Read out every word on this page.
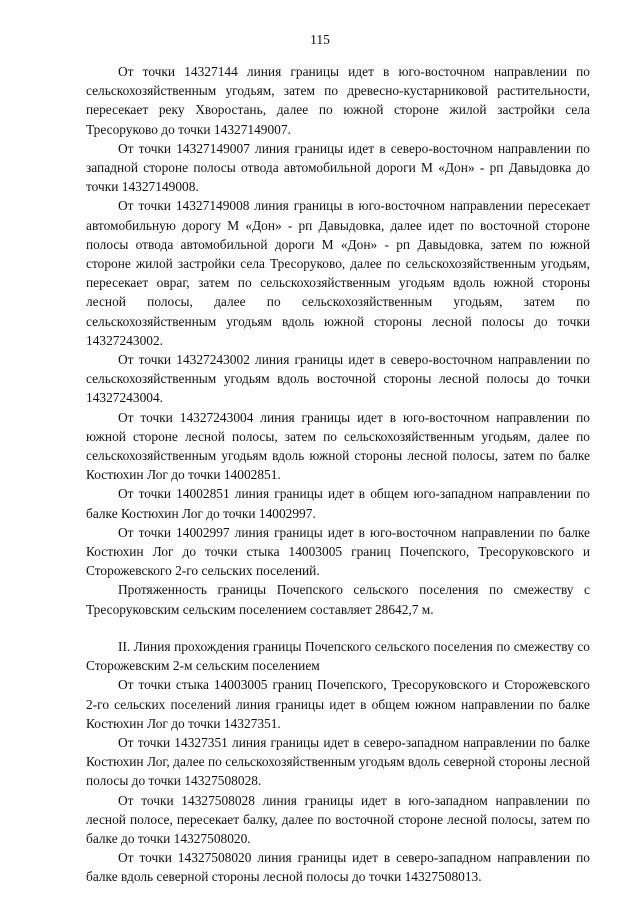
115

От точки 14327144 линия границы идет в юго-восточном направлении по сельскохозяйственным угодьям, затем по древесно-кустарниковой растительности, пересекает реку Хворостань, далее по южной стороне жилой застройки села Тресоруково до точки 14327149007.

От точки 14327149007 линия границы идет в северо-восточном направлении по западной стороне полосы отвода автомобильной дороги М «Дон» - рп Давыдовка до точки 14327149008.

От точки 14327149008 линия границы в юго-восточном направлении пересекает автомобильную дорогу М «Дон» - рп Давыдовка, далее идет по восточной стороне полосы отвода автомобильной дороги М «Дон» - рп Давыдовка, затем по южной стороне жилой застройки села Тресоруково, далее по сельскохозяйственным угодьям, пересекает овраг, затем по сельскохозяйственным угодьям вдоль южной стороны лесной полосы, далее по сельскохозяйственным угодьям, затем по сельскохозяйственным угодьям вдоль южной стороны лесной полосы до точки 14327243002.

От точки 14327243002 линия границы идет в северо-восточном направлении по сельскохозяйственным угодьям вдоль восточной стороны лесной полосы до точки 14327243004.

От точки 14327243004 линия границы идет в юго-восточном направлении по южной стороне лесной полосы, затем по сельскохозяйственным угодьям, далее по сельскохозяйственным угодьям вдоль южной стороны лесной полосы, затем по балке Костюхин Лог до точки 14002851.

От точки 14002851 линия границы идет в общем юго-западном направлении по балке Костюхин Лог до точки 14002997.

От точки 14002997 линия границы идет в юго-восточном направлении по балке Костюхин Лог до точки стыка 14003005 границ Почепского, Тресоруковского и Сторожевского 2-го сельских поселений.

Протяженность границы Почепского сельского поселения по смежеству с Тресоруковским сельским поселением составляет 28642,7 м.

II. Линия прохождения границы Почепского сельского поселения по смежеству со Сторожевским 2-м сельским поселением

От точки стыка 14003005 границ Почепского, Тресоруковского и Сторожевского 2-го сельских поселений линия границы идет в общем южном направлении по балке Костюхин Лог до точки 14327351.

От точки 14327351 линия границы идет в северо-западном направлении по балке Костюхин Лог, далее по сельскохозяйственным угодьям вдоль северной стороны лесной полосы до точки 14327508028.

От точки 14327508028 линия границы идет в юго-западном направлении по лесной полосе, пересекает балку, далее по восточной стороне лесной полосы, затем по балке до точки 14327508020.

От точки 14327508020 линия границы идет в северо-западном направлении по балке вдоль северной стороны лесной полосы до точки 14327508013.
